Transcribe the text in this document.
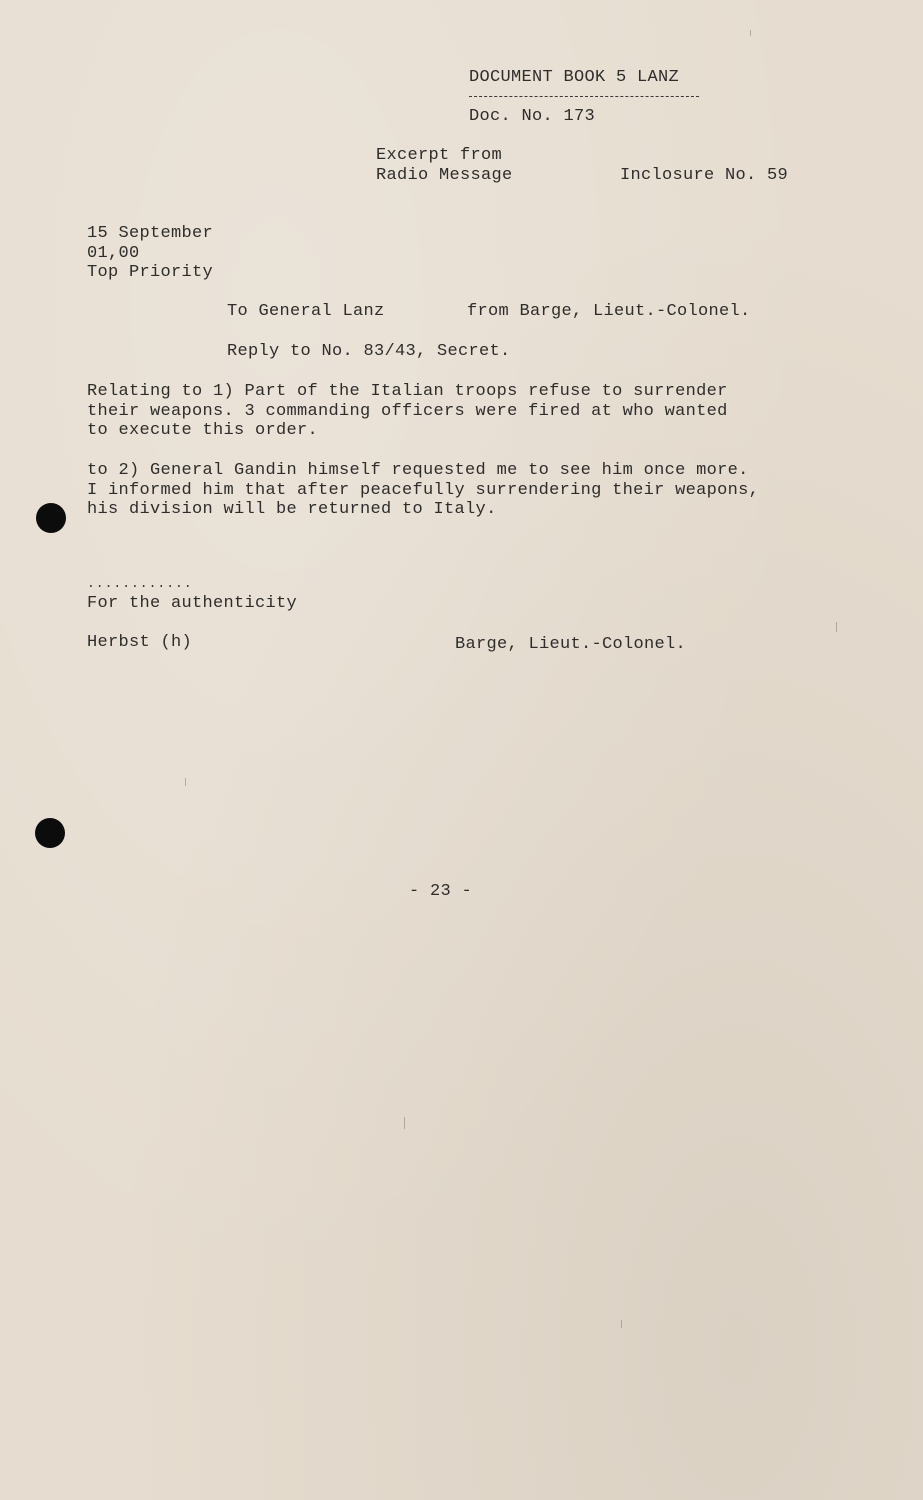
DOCUMENT BOOK 5 LANZ
Doc. No. 173
Excerpt from
Radio Message	Inclosure No. 59
15 September
01,00
Top Priority
To General Lanz	from Barge, Lieut.-Colonel.
Reply to No. 83/43, Secret.
Relating to 1) Part of the Italian troops refuse to surrender
their weapons. 3 commanding officers were fired at who wanted
to execute this order.
to 2) General Gandin himself requested me to see him once more.
I informed him that after peacefully surrendering their weapons,
his division will be returned to Italy.
............
For the authenticity
Herbst (h)	Barge, Lieut.-Colonel.
- 23 -
